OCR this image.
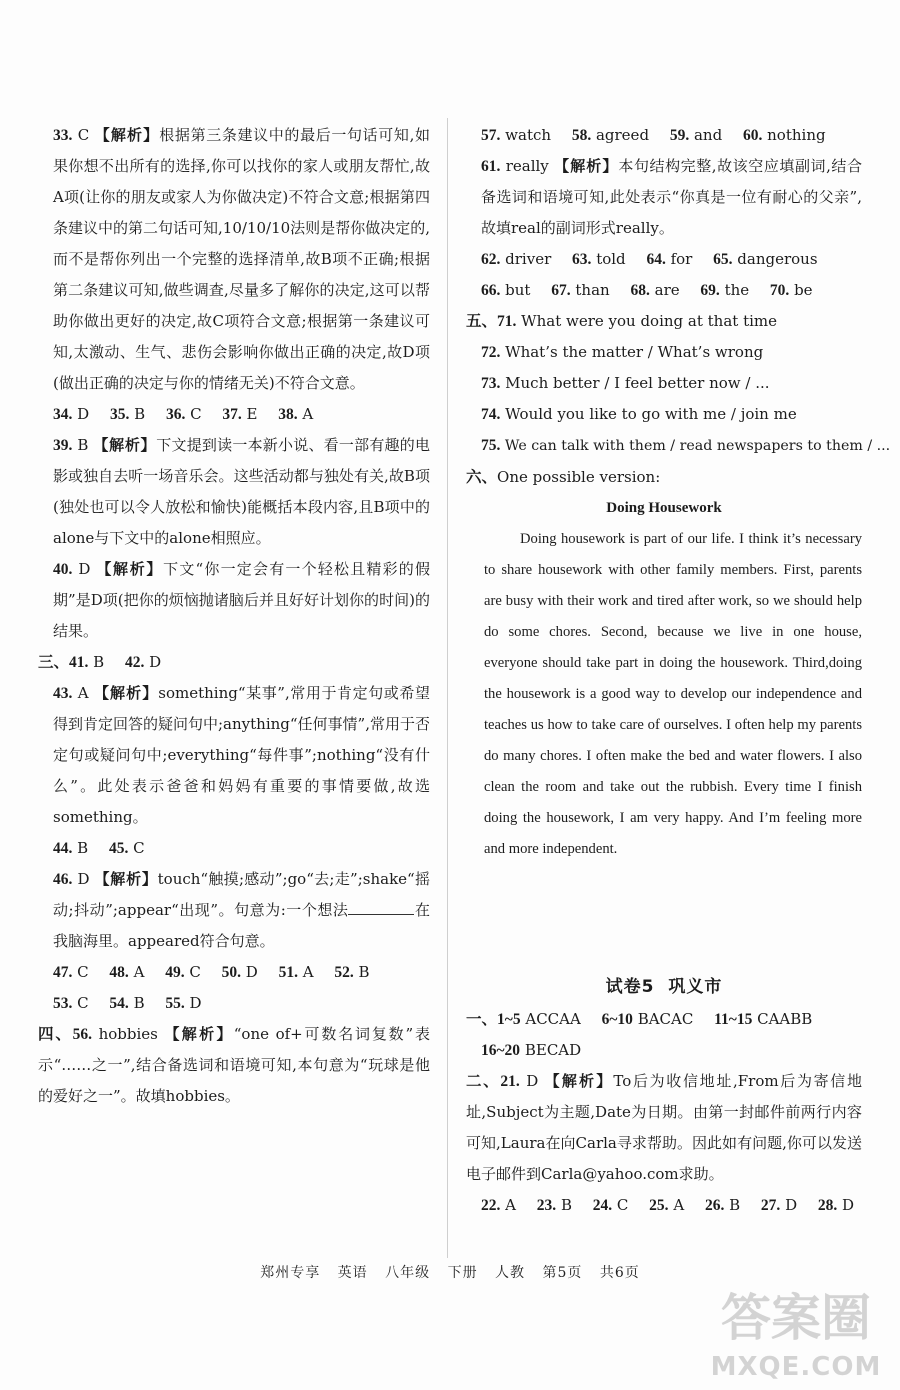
33. C 【解析】根据第三条建议中的最后一句话可知,如果你想不出所有的选择,你可以找你的家人或朋友帮忙,故A项(让你的朋友或家人为你做决定)不符合文意;根据第四条建议中的第二句话可知,10/10/10法则是帮你做决定的,而不是帮你列出一个完整的选择清单,故B项不正确;根据第二条建议可知,做些调查,尽量多了解你的决定,这可以帮助你做出更好的决定,故C项符合文意;根据第一条建议可知,太激动、生气、悲伤会影响你做出正确的决定,故D项(做出正确的决定与你的情绪无关)不符合文意。
34. D 35. B 36. C 37. E 38. A
39. B 【解析】下文提到读一本新小说、看一部有趣的电影或独自去听一场音乐会。这些活动都与独处有关,故B项(独处也可以令人放松和愉快)能概括本段内容,且B项中的alone与下文中的alone相照应。
40. D 【解析】下文“你一定会有一个轻松且精彩的假期”是D项(把你的烦恼抛诸脑后并且好好计划你的时间)的结果。
三、41. B 42. D
43. A 【解析】something“某事”,常用于肯定句或希望得到肯定回答的疑问句中;anything“任何事情”,常用于否定句或疑问句中;everything“每件事”;nothing“没有什么”。此处表示爸爸和妈妈有重要的事情要做,故选something。
44. B 45. C
46. D 【解析】touch“触摸;感动”;go“去;走”;shake“摇动;抖动”;appear“出现”。句意为:一个想法	在我脑海里。appeared符合句意。
47. C 48. A 49. C 50. D 51. A 52. B
53. C 54. B 55. D
四、56. hobbies 【解析】“one of+可数名词复数”表示“……之一”,结合备选词和语境可知,本句意为“玩球是他的爱好之一”。故填hobbies。
57. watch 58. agreed 59. and 60. nothing
61. really 【解析】本句结构完整,故该空应填副词,结合备选词和语境可知,此处表示“你真是一位有耐心的父亲”,故填real的副词形式really。
62. driver 63. told 64. for 65. dangerous
66. but 67. than 68. are 69. the 70. be
五、71. What were you doing at that time
72. What’s the matter / What’s wrong
73. Much better / I feel better now / ...
74. Would you like to go with me / join me
75. We can talk with them / read newspapers to them / ...
六、One possible version:
Doing Housework
Doing housework is part of our life. I think it’s necessary to share housework with other family members. First, parents are busy with their work and tired after work, so we should help do some chores. Second, because we live in one house, everyone should take part in doing the housework. Third,doing the housework is a good way to develop our independence and teaches us how to take care of ourselves. I often help my parents do many chores. I often make the bed and water flowers. I also clean the room and take out the rubbish. Every time I finish doing the housework, I am very happy. And I’m feeling more and more independent.
试卷5 巩义市
一、1~5 ACCAA 6~10 BACAC 11~15 CAABB
16~20 BECAD
二、21. D 【解析】To后为收信地址,From后为寄信地址,Subject为主题,Date为日期。由第一封邮件前两行内容可知,Laura在向Carla寻求帮助。因此如有问题,你可以发送电子邮件到Carla@yahoo.com求助。
22. A 23. B 24. C 25. A 26. B 27. D 28. D
郑州专享 英语 八年级 下册 人教 第5页 共6页
答案圈
MXQE.COM
